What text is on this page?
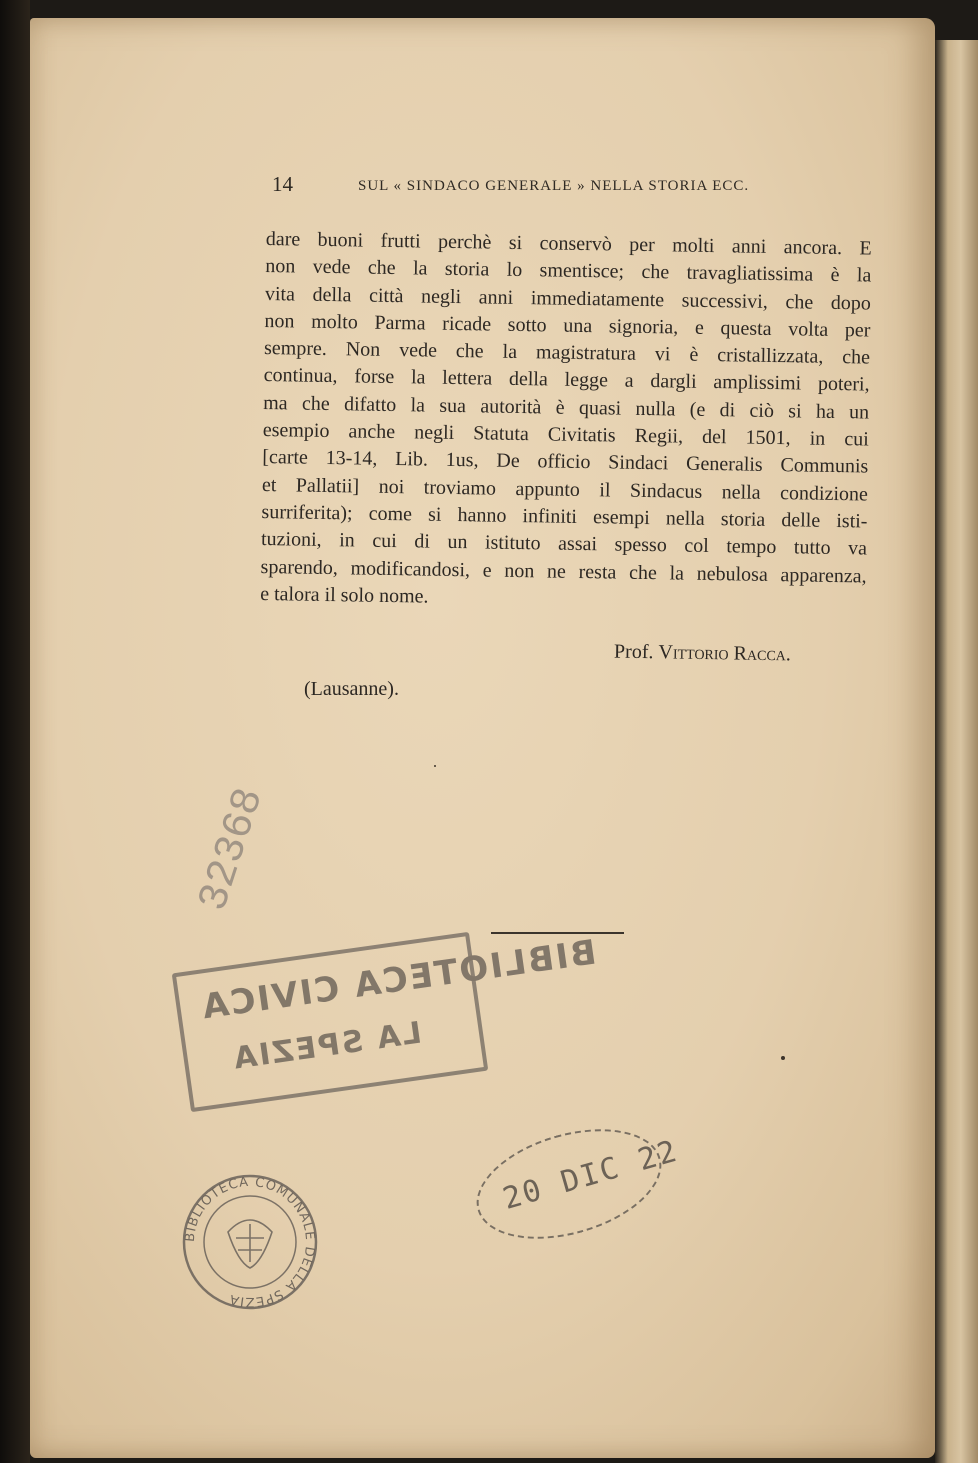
14	SUL « SINDACO GENERALE » NELLA STORIA ECC.
dare buoni frutti perchè si conservò per molti anni ancora. E
non vede che la storia lo smentisce; che travagliatissima è la
vita della città negli anni immediatamente successivi, che dopo
non molto Parma ricade sotto una signoria, e questa volta per
sempre. Non vede che la magistratura vi è cristallizzata, che
continua, forse la lettera della legge a dargli amplissimi poteri,
ma che difatto la sua autorità è quasi nulla (e di ciò si ha un
esempio anche negli Statuta Civitatis Regii, del 1501, in cui
[carte 13-14, Lib. 1us, De officio Sindaci Generalis Communis
et Pallatii] noi troviamo appunto il Sindacus nella condizione
surriferita); come si hanno infiniti esempi nella storia delle isti-
tuzioni, in cui di un istituto assai spesso col tempo tutto va
sparendo, modificandosi, e non ne resta che la nebulosa apparenza,
e talora il solo nome.
Prof. Vittorio Racca.
(Lausanne).
32368
BIBLIOTECA CIVICA
LA SPEZIA
20 DIC 22
BIBLIOTECA COMUNALE DELLA SPEZIA
